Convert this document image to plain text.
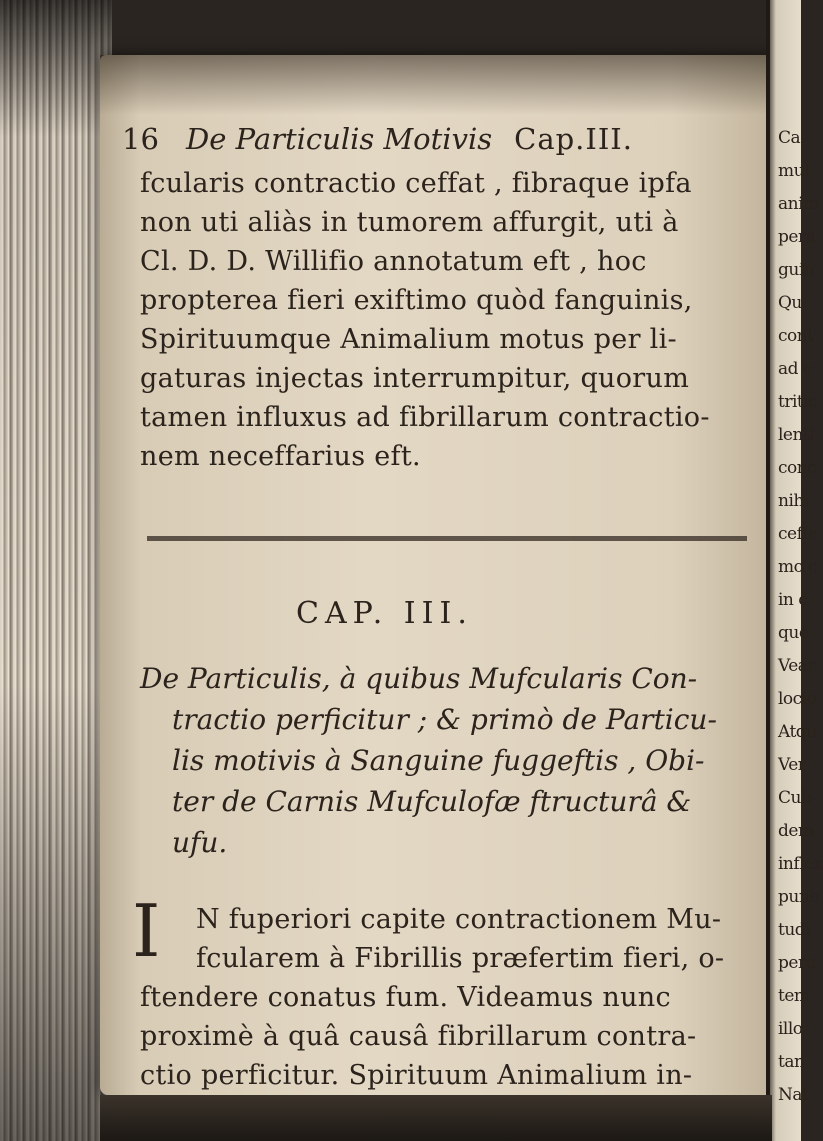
Ca
mul
anim
pera
guin
Qu
cont
ad c
tritic
lenti
conc
nihi
ceffa
mo c
in c
que
Vear
locio
Atqu
Ver
Cub
dem
inflex
pune
tudi
peru
tem
illo
tan
Nat
16 De Particulis Motivis Cap.III.
fcularis contractio ceffat , fibraque ipfa
non uti aliàs in tumorem affurgit, uti à
Cl. D. D. Willifio annotatum eft , hoc
propterea fieri exiftimo quòd fanguinis,
Spirituumque Animalium motus per li-
gaturas injectas interrumpitur, quorum
tamen influxus ad fibrillarum contractio-
nem neceffarius eft.
CAP. III.
De Particulis, à quibus Mufcularis Con-
tractio perficitur ; & primò de Particu-
lis motivis à Sanguine fuggeftis , Obi-
ter de Carnis Mufculofæ ftructurâ &
ufu.
I N fuperiori capite contractionem Mu-
fcularem à Fibrillis præfertim fieri, o-
ftendere conatus fum. Videamus nunc
proximè à quâ causâ fibrillarum contra-
ctio perficitur. Spirituum Animalium in-
